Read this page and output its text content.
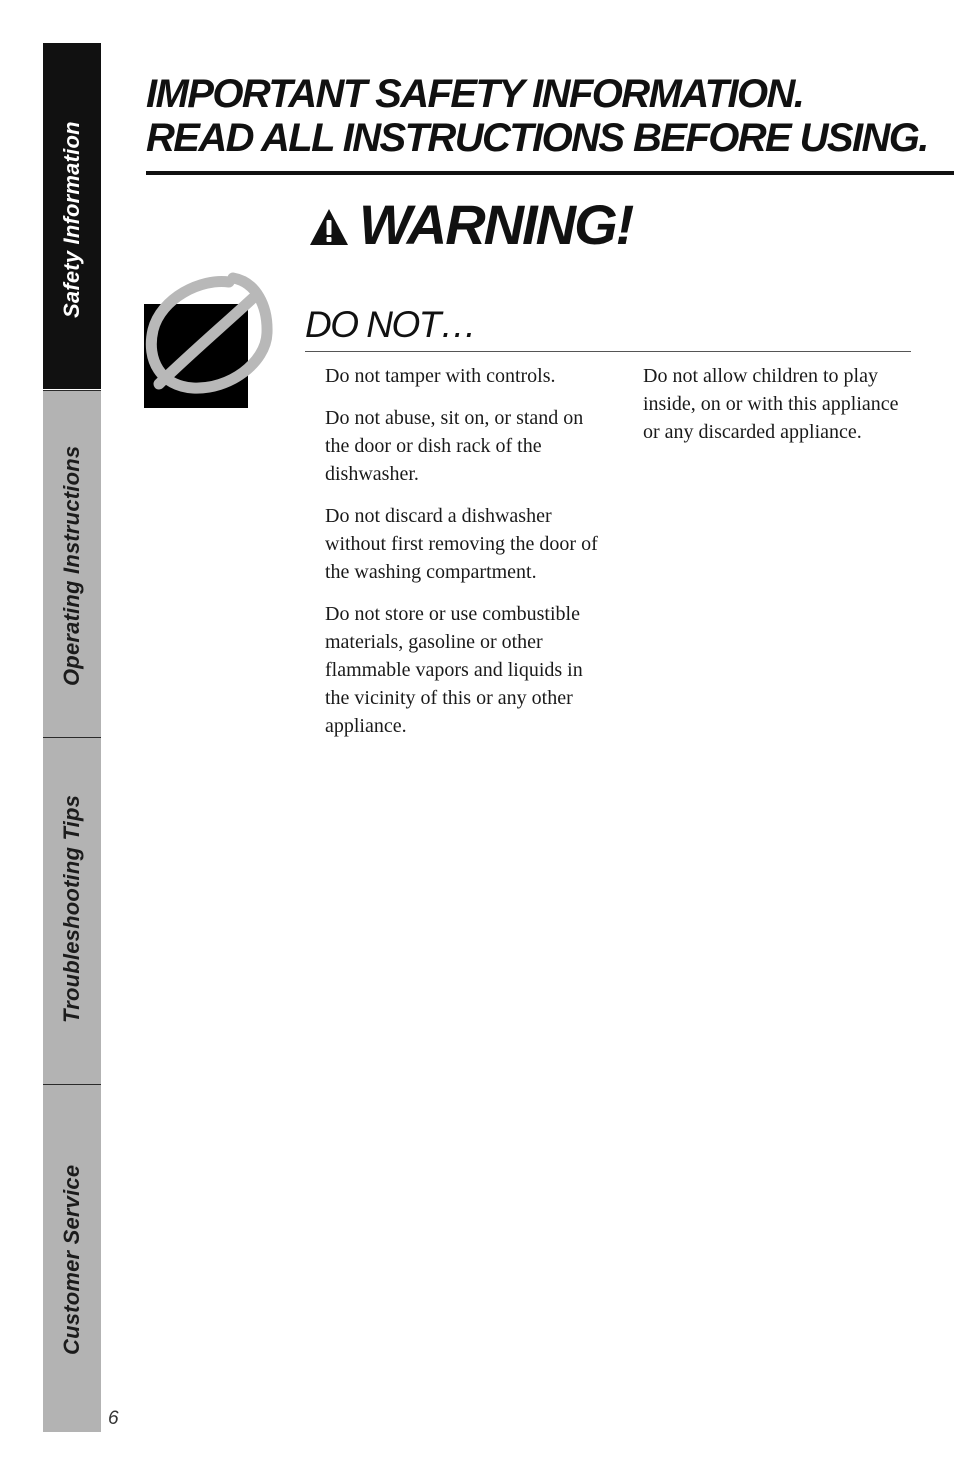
Safety Information
Operating Instructions
Troubleshooting Tips
Customer Service
6
IMPORTANT SAFETY INFORMATION.
READ ALL INSTRUCTIONS BEFORE USING.
WARNING!
DO NOT…

Do not tamper with controls.

Do not abuse, sit on, or stand on the door or dish rack of the dishwasher.

Do not discard a dishwasher without first removing the door of the washing compartment.

Do not store or use combustible materials, gasoline or other flammable vapors and liquids in the vicinity of this or any other appliance.

Do not allow children to play inside, on or with this appliance or any discarded appliance.
